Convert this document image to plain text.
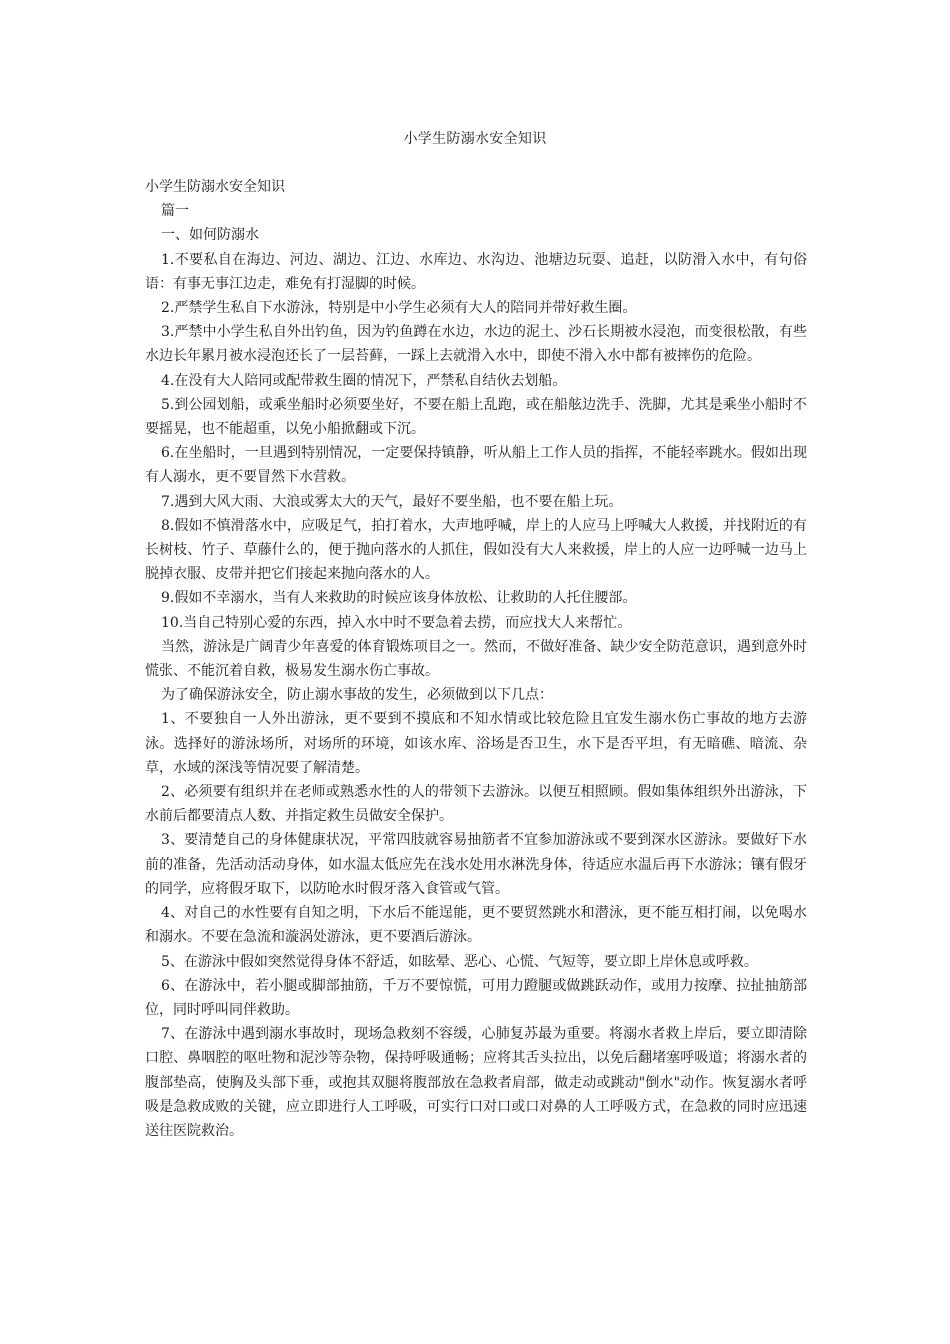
小学生防溺水安全知识

小学生防溺水安全知识

篇一

一、如何防溺水

1.不要私自在海边、河边、湖边、江边、水库边、水沟边、池塘边玩耍、追赶，以防滑入水中，有句俗语：有事无事江边走，难免有打湿脚的时候。

2.严禁学生私自下水游泳，特别是中小学生必须有大人的陪同并带好救生圈。

3.严禁中小学生私自外出钓鱼，因为钓鱼蹲在水边，水边的泥土、沙石长期被水浸泡，而变很松散，有些水边长年累月被水浸泡还长了一层苔藓，一踩上去就滑入水中，即使不滑入水中都有被摔伤的危险。

4.在没有大人陪同或配带救生圈的情况下，严禁私自结伙去划船。

5.到公园划船，或乘坐船时必须要坐好，不要在船上乱跑，或在船舷边洗手、洗脚，尤其是乘坐小船时不要摇晃，也不能超重，以免小船掀翻或下沉。

6.在坐船时，一旦遇到特别情况，一定要保持镇静，听从船上工作人员的指挥，不能轻率跳水。假如出现有人溺水，更不要冒然下水营救。

7.遇到大风大雨、大浪或雾太大的天气，最好不要坐船，也不要在船上玩。

8.假如不慎滑落水中，应吸足气，拍打着水，大声地呼喊，岸上的人应马上呼喊大人救援，并找附近的有长树枝、竹子、草藤什么的，便于抛向落水的人抓住，假如没有大人来救援，岸上的人应一边呼喊一边马上脱掉衣服、皮带并把它们接起来抛向落水的人。

9.假如不幸溺水，当有人来救助的时候应该身体放松、让救助的人托住腰部。

10.当自己特别心爱的东西，掉入水中时不要急着去捞，而应找大人来帮忙。

当然，游泳是广阔青少年喜爱的体育锻炼项目之一。然而，不做好准备、缺少安全防范意识，遇到意外时慌张、不能沉着自救，极易发生溺水伤亡事故。

为了确保游泳安全，防止溺水事故的发生，必须做到以下几点：

1、不要独自一人外出游泳，更不要到不摸底和不知水情或比较危险且宜发生溺水伤亡事故的地方去游泳。选择好的游泳场所，对场所的环境，如该水库、浴场是否卫生，水下是否平坦，有无暗礁、暗流、杂草，水域的深浅等情况要了解清楚。

2、必须要有组织并在老师或熟悉水性的人的带领下去游泳。以便互相照顾。假如集体组织外出游泳，下水前后都要清点人数、并指定救生员做安全保护。

3、要清楚自己的身体健康状况，平常四肢就容易抽筋者不宜参加游泳或不要到深水区游泳。要做好下水前的准备，先活动活动身体，如水温太低应先在浅水处用水淋洗身体，待适应水温后再下水游泳；镶有假牙的同学，应将假牙取下，以防呛水时假牙落入食管或气管。

4、对自己的水性要有自知之明，下水后不能逞能，更不要贸然跳水和潜泳，更不能互相打闹，以免喝水和溺水。不要在急流和漩涡处游泳，更不要酒后游泳。

5、在游泳中假如突然觉得身体不舒适，如眩晕、恶心、心慌、气短等，要立即上岸休息或呼救。

6、在游泳中，若小腿或脚部抽筋，千万不要惊慌，可用力蹬腿或做跳跃动作，或用力按摩、拉扯抽筋部位，同时呼叫同伴救助。

7、在游泳中遇到溺水事故时，现场急救刻不容缓，心肺复苏最为重要。将溺水者救上岸后，要立即清除口腔、鼻咽腔的呕吐物和泥沙等杂物，保持呼吸通畅；应将其舌头拉出，以免后翻堵塞呼吸道；将溺水者的腹部垫高，使胸及头部下垂，或抱其双腿将腹部放在急救者肩部，做走动或跳动"倒水"动作。恢复溺水者呼吸是急救成败的关键，应立即进行人工呼吸，可实行口对口或口对鼻的人工呼吸方式，在急救的同时应迅速送往医院救治。
